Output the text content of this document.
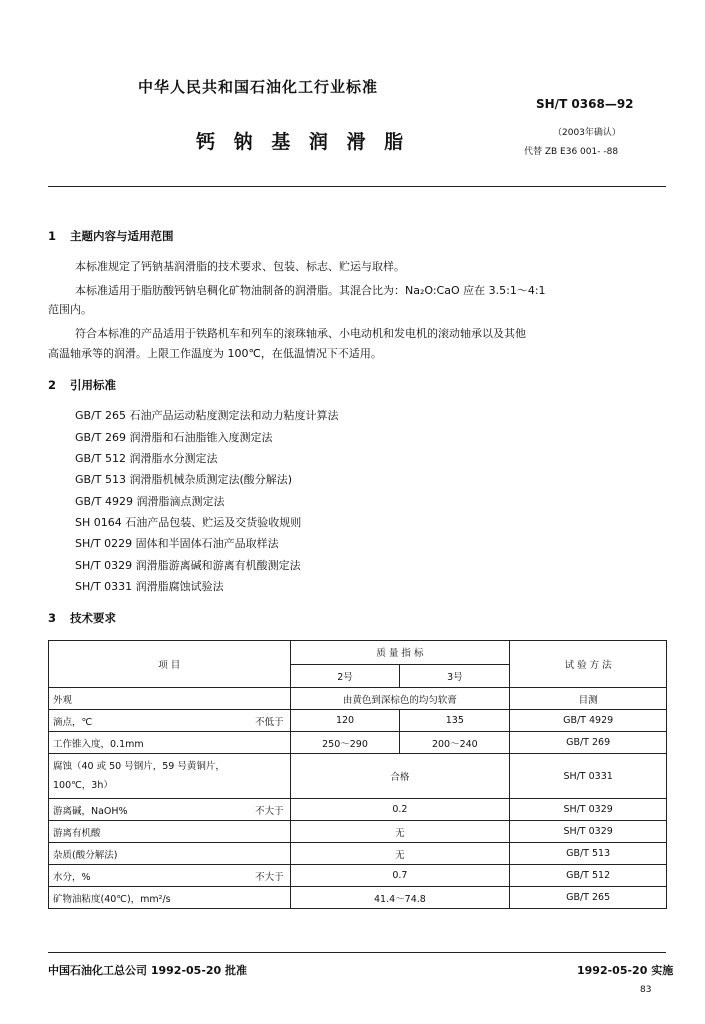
中华人民共和国石油化工行业标准
SH/T 0368—92
钙 钠 基 润 滑 脂	（2003年确认）
代替 ZB E36 001- -88
1 主题内容与适用范围
本标准规定了钙钠基润滑脂的技术要求、包装、标志、贮运与取样。
本标准适用于脂肪酸钙钠皂稠化矿物油制备的润滑脂。其混合比为：Na₂O:CaO 应在 3.5:1～4:1
范围内。
符合本标准的产品适用于铁路机车和列车的滚珠轴承、小电动机和发电机的滚动轴承以及其他
高温轴承等的润滑。上限工作温度为 100℃，在低温情况下不适用。
2 引用标准
GB/T 265 石油产品运动粘度测定法和动力粘度计算法
GB/T 269 润滑脂和石油脂锥入度测定法
GB/T 512 润滑脂水分测定法
GB/T 513 润滑脂机械杂质测定法(酸分解法)
GB/T 4929 润滑脂滴点测定法
SH 0164 石油产品包装、贮运及交货验收规则
SH/T 0229 固体和半固体石油产品取样法
SH/T 0329 润滑脂游离碱和游离有机酸测定法
SH/T 0331 润滑脂腐蚀试验法
3 技术要求
项 目	质 量 指 标		试 验 方 法
	2号	3号	
外观	由黄色到深棕色的均匀软膏		目测
滴点，℃ 不低于	120	135	GB/T 4929
工作锥入度，0.1mm	250～290	200～240	GB/T 269

腐蚀（40 或 50 号钢片，59 号黄铜片，
100℃，3h）	合格		SH/T 0331
游离碱，NaOH% 不大于	0.2		SH/T 0329
游离有机酸	无		SH/T 0329
杂质(酸分解法)	无		GB/T 513
水分，% 不大于	0.7		GB/T 512
矿物油粘度(40℃)，mm²/s	41.4～74.8		GB/T 265
中国石油化工总公司 1992-05-20 批准	1992-05-20 实施
83
